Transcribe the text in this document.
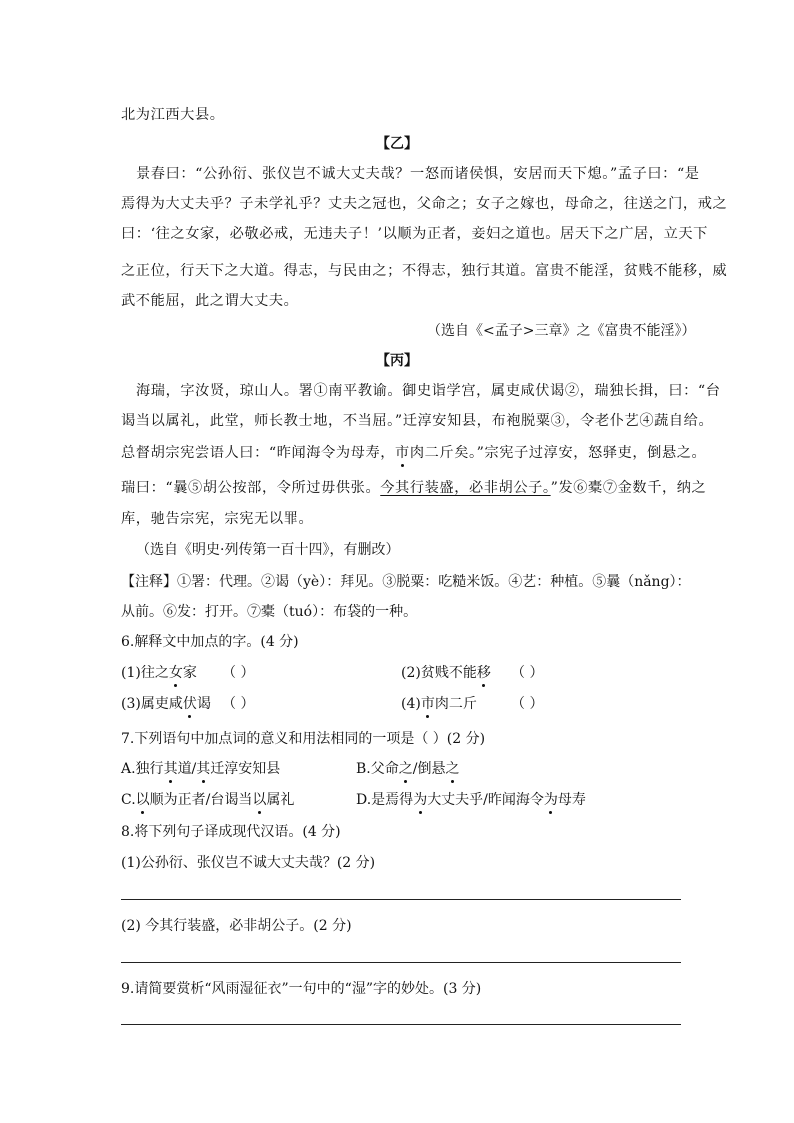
北为江西大县。
【乙】
景春曰：“公孙衍、张仪岂不诚大丈夫哉？一怒而诸侯惧，安居而天下熄。”孟子曰：“是
焉得为大丈夫乎？子未学礼乎？丈夫之冠也，父命之；女子之嫁也，母命之，往送之门，戒之
曰：‘往之女家，必敬必戒，无违夫子！’以顺为正者，妾妇之道也。居天下之广居，立天下
之正位，行天下之大道。得志，与民由之；不得志，独行其道。富贵不能淫，贫贱不能移，威
武不能屈，此之谓大丈夫。
（选自《<孟子>三章》之《富贵不能淫》）
【丙】
海瑞，字汝贤，琼山人。署①南平教谕。御史诣学宫，属吏咸伏谒②，瑞独长揖，曰：“台
谒当以属礼，此堂，师长教士地，不当屈。”迁淳安知县，布袍脱粟③，令老仆艺④蔬自给。
总督胡宗宪尝语人曰：“昨闻海令为母寿，市肉二斤矣。”宗宪子过淳安，怒驿吏，倒悬之。
瑞曰：“曩⑤胡公按部，令所过毋供张。今其行装盛，必非胡公子。”发⑥橐⑦金数千，纳之
库，驰告宗宪，宗宪无以罪。
（选自《明史·列传第一百十四》，有删改）
【注释】①署：代理。②谒（yè）：拜见。③脱粟：吃糙米饭。④艺：种植。⑤曩（nǎng）：
从前。⑥发：打开。⑦橐（tuó）：布袋的一种。
6.解释文中加点的字。(4 分)
(1)往之女家 （ ）	(2)贫贱不能移 （ ）
(3)属吏咸伏谒 （ ）	(4)市肉二斤 （ ）
7.下列语句中加点词的意义和用法相同的一项是（ ）(2 分)
A.独行其道/其迁淳安知县	B.父命之/倒悬之
C.以顺为正者/台谒当以属礼	D.是焉得为大丈夫乎/昨闻海令为母寿
8.将下列句子译成现代汉语。(4 分)
(1)公孙衍、张仪岂不诚大丈夫哉？(2 分)
(2) 今其行装盛，必非胡公子。(2 分)
9.请简要赏析“风雨湿征衣”一句中的“湿”字的妙处。(3 分)
